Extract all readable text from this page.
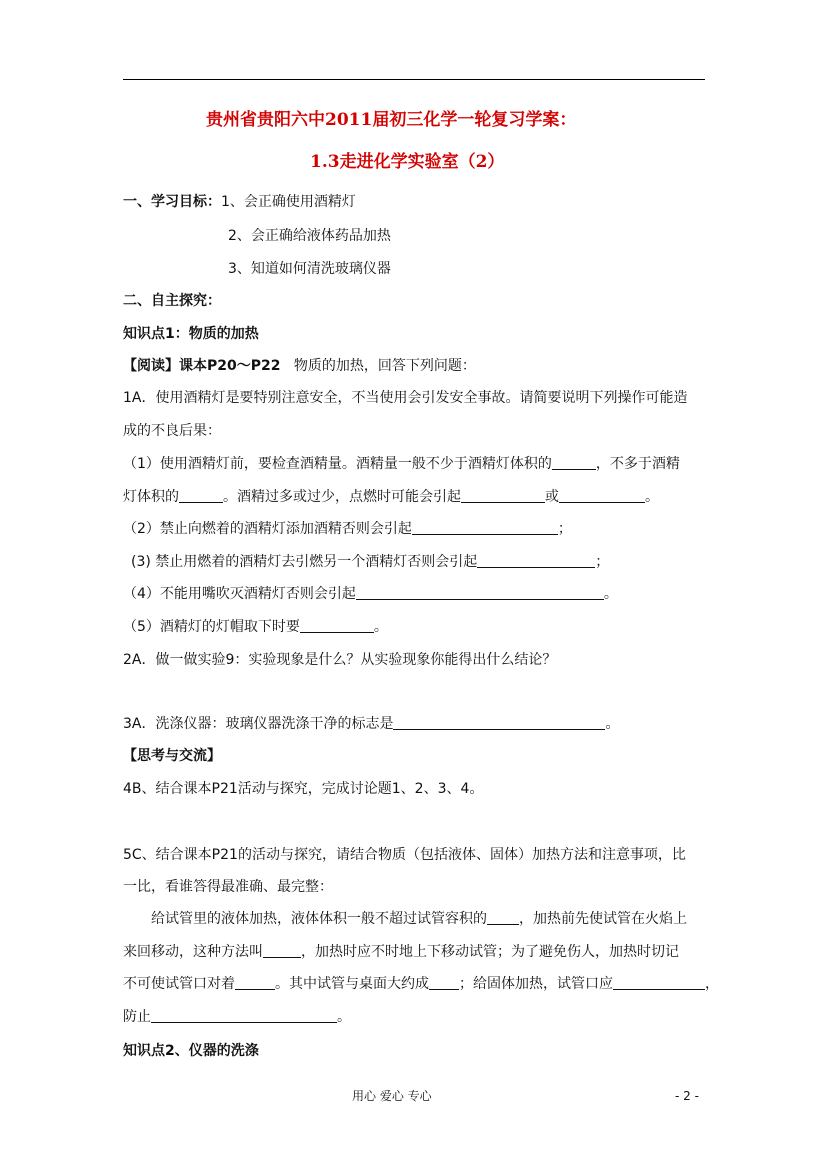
贵州省贵阳六中2011届初三化学一轮复习学案：
1.3走进化学实验室（2）
一、学习目标：1、会正确使用酒精灯
2、会正确给液体药品加热
3、知道如何清洗玻璃仪器
二、自主探究：
知识点1：物质的加热
【阅读】课本P20～P22 物质的加热，回答下列问题：
1A．使用酒精灯是要特别注意安全，不当使用会引发安全事故。请简要说明下列操作可能造
成的不良后果：
（1）使用酒精灯前，要检查酒精量。酒精量一般不少于酒精灯体积的	，不多于酒精
灯体积的	。酒精过多或过少，点燃时可能会引起	或	。
（2）禁止向燃着的酒精灯添加酒精否则会引起	；
(3) 禁止用燃着的酒精灯去引燃另一个酒精灯否则会引起	；
（4）不能用嘴吹灭酒精灯否则会引起	。
（5）酒精灯的灯帽取下时要	。
2A．做一做实验9：实验现象是什么？从实验现象你能得出什么结论？
3A．洗涤仪器：玻璃仪器洗涤干净的标志是	。
【思考与交流】
4B、结合课本P21活动与探究，完成讨论题1、2、3、4。
5C、结合课本P21的活动与探究，请结合物质（包括液体、固体）加热方法和注意事项，比
一比，看谁答得最准确、最完整：
给试管里的液体加热，液体体积一般不超过试管容积的 ，加热前先使试管在火焰上
来回移动，这种方法叫	，加热时应不时地上下移动试管；为了避免伤人，加热时切记
不可使试管口对着	。其中试管与桌面大约成 ；给固体加热，试管口应	，
防止	。
知识点2、仪器的洗涤
用心 爱心 专心	- 2 -
